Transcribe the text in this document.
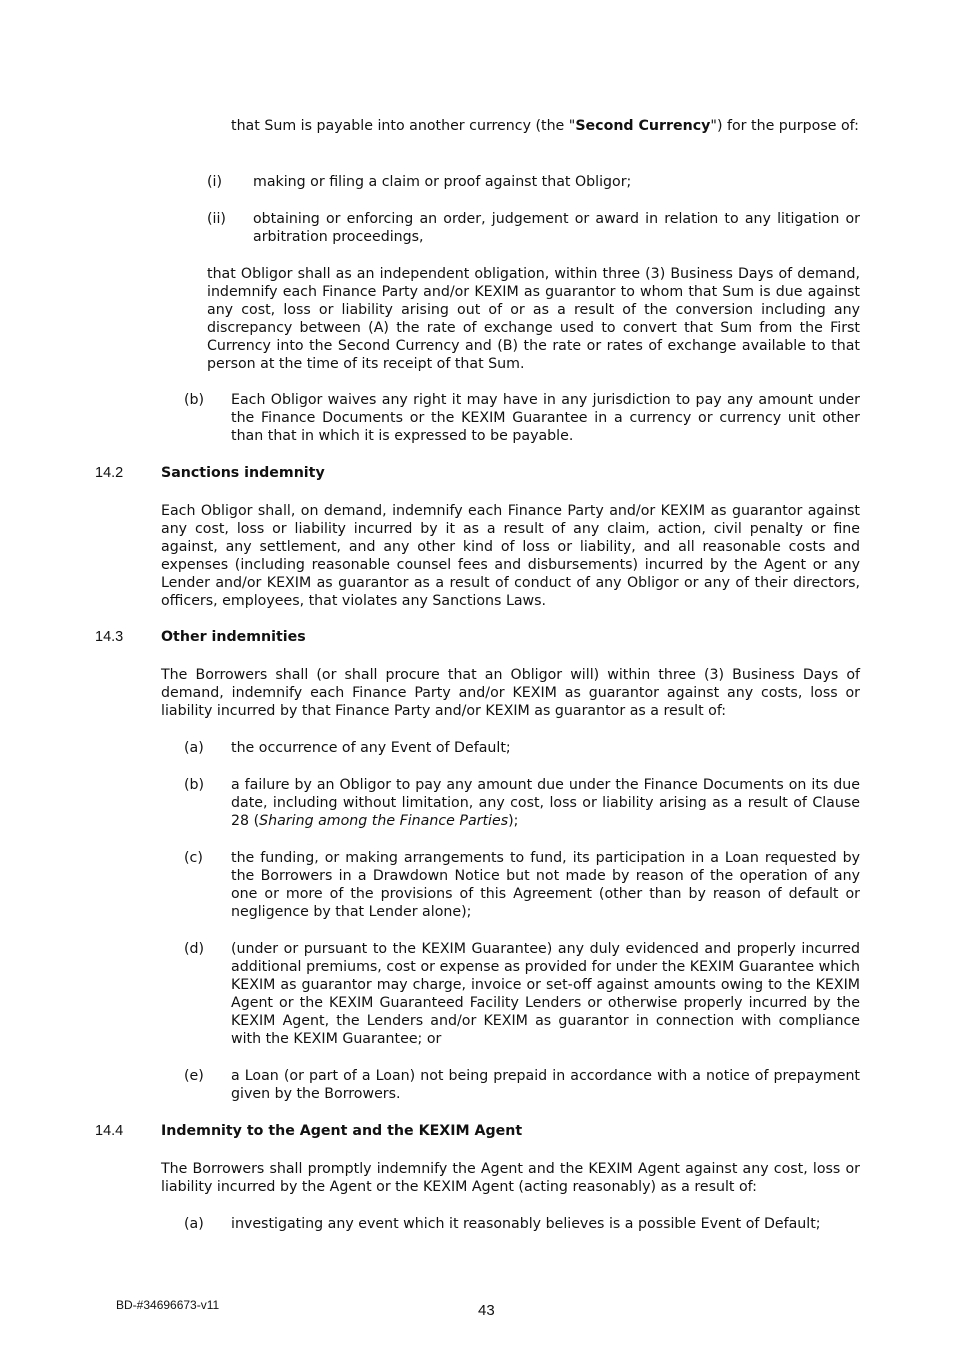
that Sum is payable into another currency (the "Second Currency") for the purpose of:

(i) making or filing a claim or proof against that Obligor;

(ii) obtaining or enforcing an order, judgement or award in relation to any litigation or arbitration proceedings,

that Obligor shall as an independent obligation, within three (3) Business Days of demand, indemnify each Finance Party and/or KEXIM as guarantor to whom that Sum is due against any cost, loss or liability arising out of or as a result of the conversion including any discrepancy between (A) the rate of exchange used to convert that Sum from the First Currency into the Second Currency and (B) the rate or rates of exchange available to that person at the time of its receipt of that Sum.

(b) Each Obligor waives any right it may have in any jurisdiction to pay any amount under the Finance Documents or the KEXIM Guarantee in a currency or currency unit other than that in which it is expressed to be payable.

14.2	Sanctions indemnity

Each Obligor shall, on demand, indemnify each Finance Party and/or KEXIM as guarantor against any cost, loss or liability incurred by it as a result of any claim, action, civil penalty or fine against, any settlement, and any other kind of loss or liability, and all reasonable costs and expenses (including reasonable counsel fees and disbursements) incurred by the Agent or any Lender and/or KEXIM as guarantor as a result of conduct of any Obligor or any of their directors, officers, employees, that violates any Sanctions Laws.

14.3	Other indemnities

The Borrowers shall (or shall procure that an Obligor will) within three (3) Business Days of demand, indemnify each Finance Party and/or KEXIM as guarantor against any costs, loss or liability incurred by that Finance Party and/or KEXIM as guarantor as a result of:

(a) the occurrence of any Event of Default;

(b) a failure by an Obligor to pay any amount due under the Finance Documents on its due date, including without limitation, any cost, loss or liability arising as a result of Clause 28 (Sharing among the Finance Parties);

(c) the funding, or making arrangements to fund, its participation in a Loan requested by the Borrowers in a Drawdown Notice but not made by reason of the operation of any one or more of the provisions of this Agreement (other than by reason of default or negligence by that Lender alone);

(d) (under or pursuant to the KEXIM Guarantee) any duly evidenced and properly incurred additional premiums, cost or expense as provided for under the KEXIM Guarantee which KEXIM as guarantor may charge, invoice or set-off against amounts owing to the KEXIM Agent or the KEXIM Guaranteed Facility Lenders or otherwise properly incurred by the KEXIM Agent, the Lenders and/or KEXIM as guarantor in connection with compliance with the KEXIM Guarantee; or

(e) a Loan (or part of a Loan) not being prepaid in accordance with a notice of prepayment given by the Borrowers.

14.4	Indemnity to the Agent and the KEXIM Agent

The Borrowers shall promptly indemnify the Agent and the KEXIM Agent against any cost, loss or liability incurred by the Agent or the KEXIM Agent (acting reasonably) as a result of:

(a) investigating any event which it reasonably believes is a possible Event of Default;

BD-#34696673-v11	43
